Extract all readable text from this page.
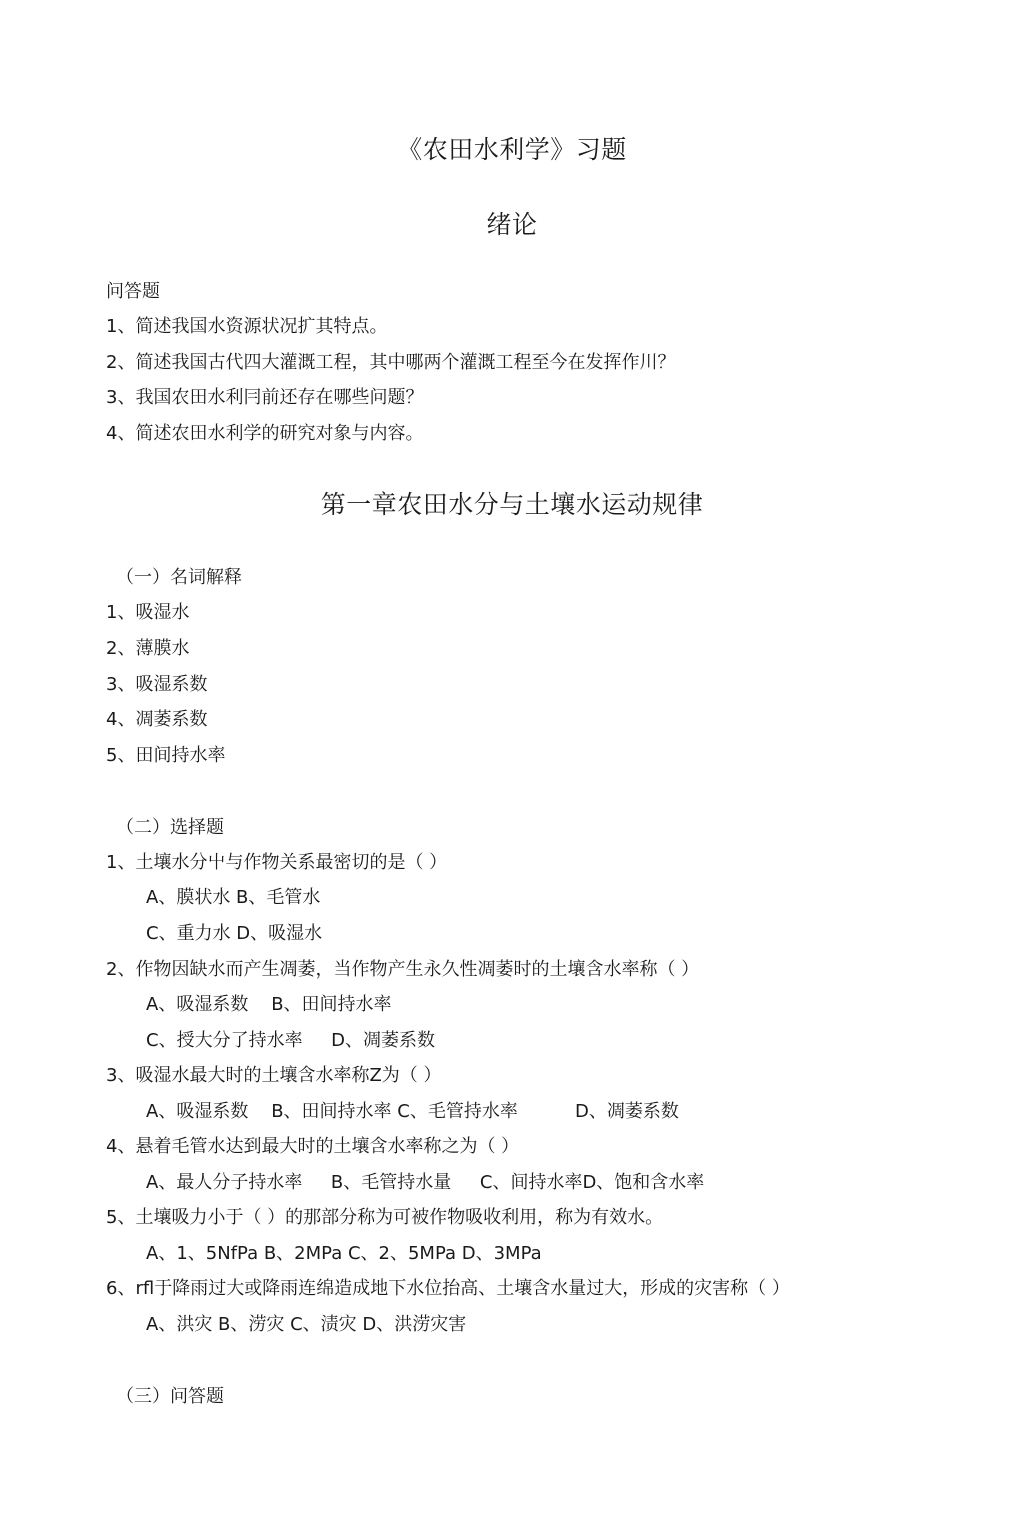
《农田水利学》习题
绪论

问答题

1、简述我国水资源状况扩其特点。

2、简述我国古代四大灌溉工程，其中哪两个灌溉工程至今在发挥作川？

3、我国农田水利冃前还存在哪些问题？

4、简述农田水利学的研究对象与内容。

第一章农田水分与土壤水运动规律

（一）名词解释

1、吸湿水

2、薄膜水

3、吸湿系数

4、凋萎系数

5、田间持水率

（二）选择题

1、土壤水分屮与作物关系最密切的是（ ）

A、膜状水 B、毛管水

C、重力水 D、吸湿水

2、作物因缺水而产生凋萎，当作物产生永久性凋萎时的土壤含水率称（ ）

A、吸湿系数    B、田间持水率

C、授大分了持水率     D、凋萎系数

3、吸湿水最大时的土壤含水率称Z为（ ）

A、吸湿系数    B、田间持水率 C、毛管持水率          D、凋萎系数

4、悬着毛管水达到最大时的土壤含水率称之为（ ）

A、最人分子持水率     B、毛管持水量     C、间持水率D、饱和含水率

5、土壤吸力小于（ ）的那部分称为可被作物吸收利用，称为有效水。

A、1、5NfPa B、2MPa C、2、5MPa D、3MPa

6、rfl于降雨过大或降雨连绵造成地下水位抬高、土壤含水量过大，形成的灾害称（ ）

A、洪灾 B、涝灾 C、渍灾 D、洪涝灾害

（三）问答题
